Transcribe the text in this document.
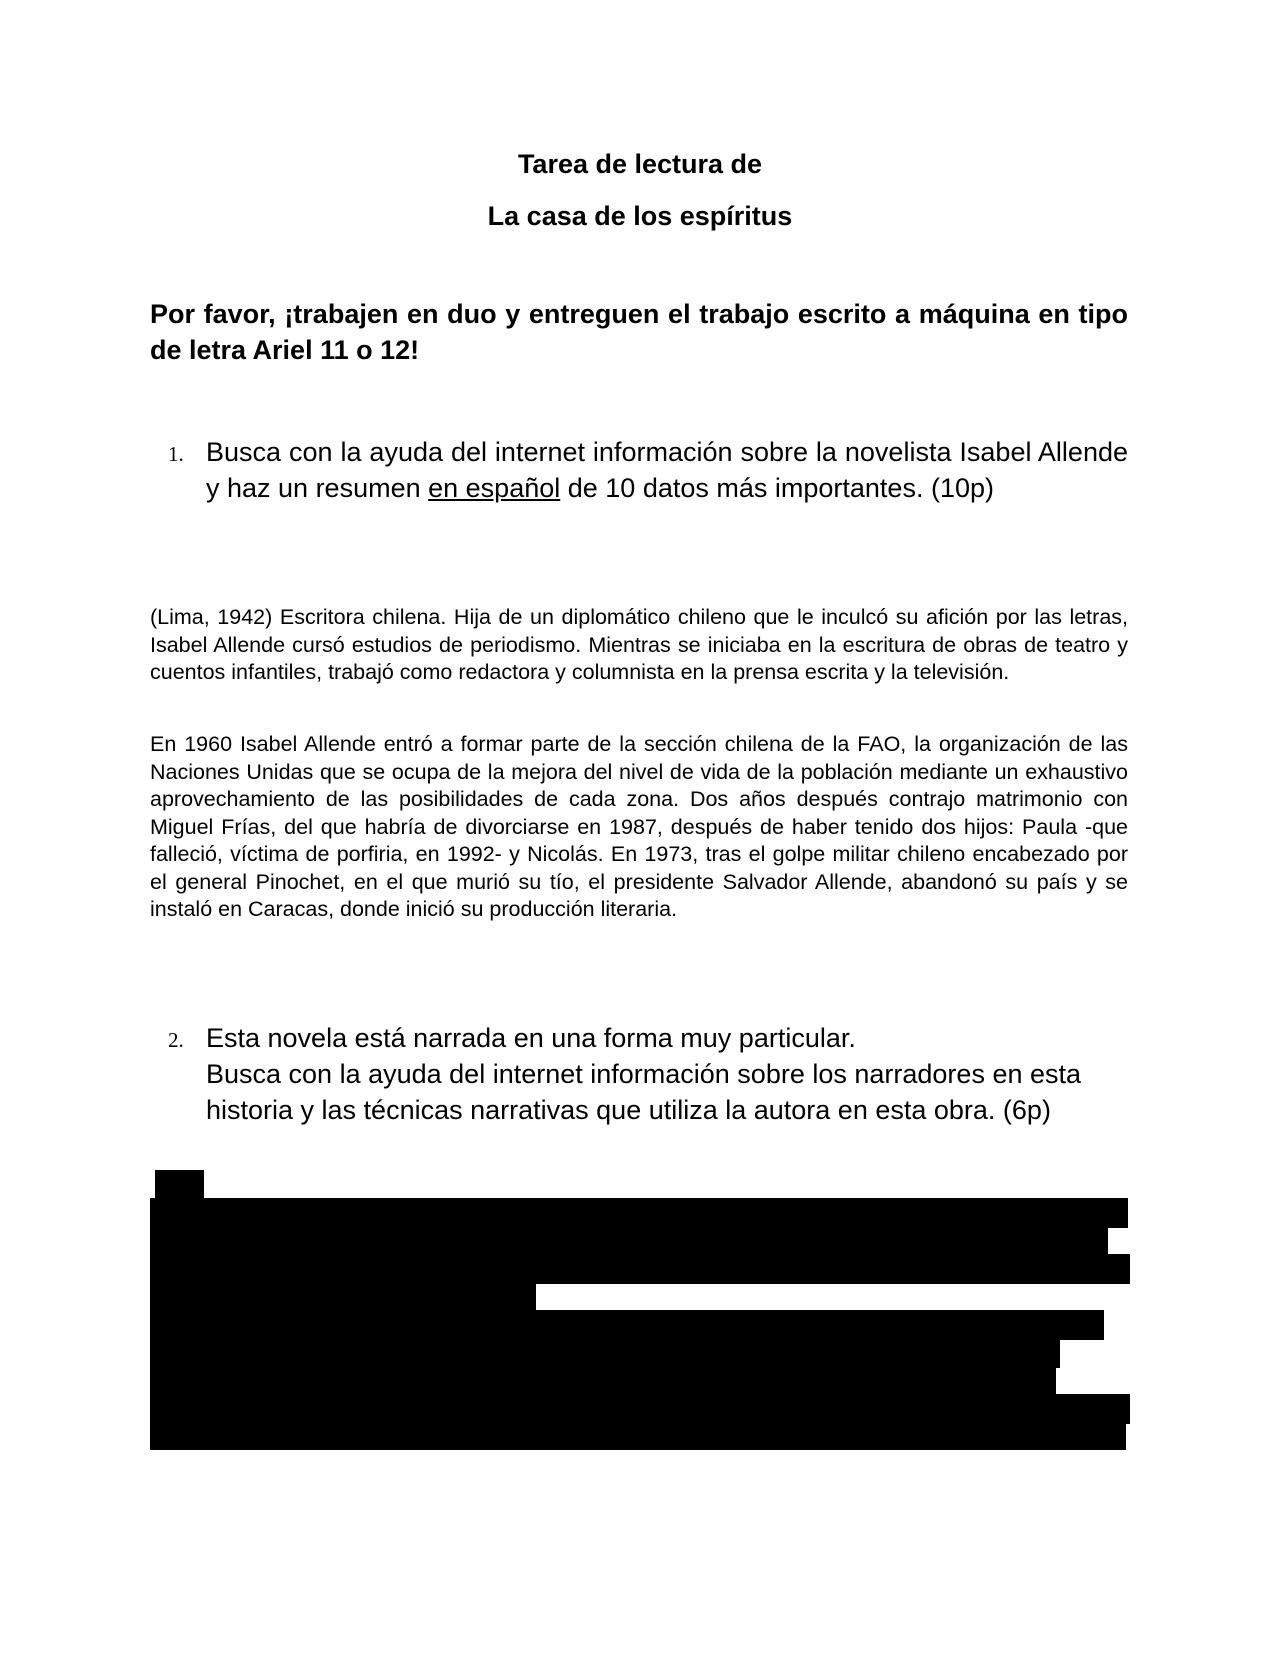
Tarea de lectura de
La casa de los espíritus
Por favor, ¡trabajen en duo y entreguen el trabajo escrito a máquina en tipo de letra Ariel 11 o 12!
1. Busca con la ayuda del internet información sobre la novelista Isabel Allende y haz un resumen en español de 10 datos más importantes. (10p)

(Lima, 1942) Escritora chilena. Hija de un diplomático chileno que le inculcó su afición por las letras, Isabel Allende cursó estudios de periodismo. Mientras se iniciaba en la escritura de obras de teatro y cuentos infantiles, trabajó como redactora y columnista en la prensa escrita y la televisión.

En 1960 Isabel Allende entró a formar parte de la sección chilena de la FAO, la organización de las Naciones Unidas que se ocupa de la mejora del nivel de vida de la población mediante un exhaustivo aprovechamiento de las posibilidades de cada zona. Dos años después contrajo matrimonio con Miguel Frías, del que habría de divorciarse en 1987, después de haber tenido dos hijos: Paula -que falleció, víctima de porfiria, en 1992- y Nicolás. En 1973, tras el golpe militar chileno encabezado por el general Pinochet, en el que murió su tío, el presidente Salvador Allende, abandonó su país y se instaló en Caracas, donde inició su producción literaria.

2. Esta novela está narrada en una forma muy particular.
Busca con la ayuda del internet información sobre los narradores en esta historia y las técnicas narrativas que utiliza la autora en esta obra. (6p)
